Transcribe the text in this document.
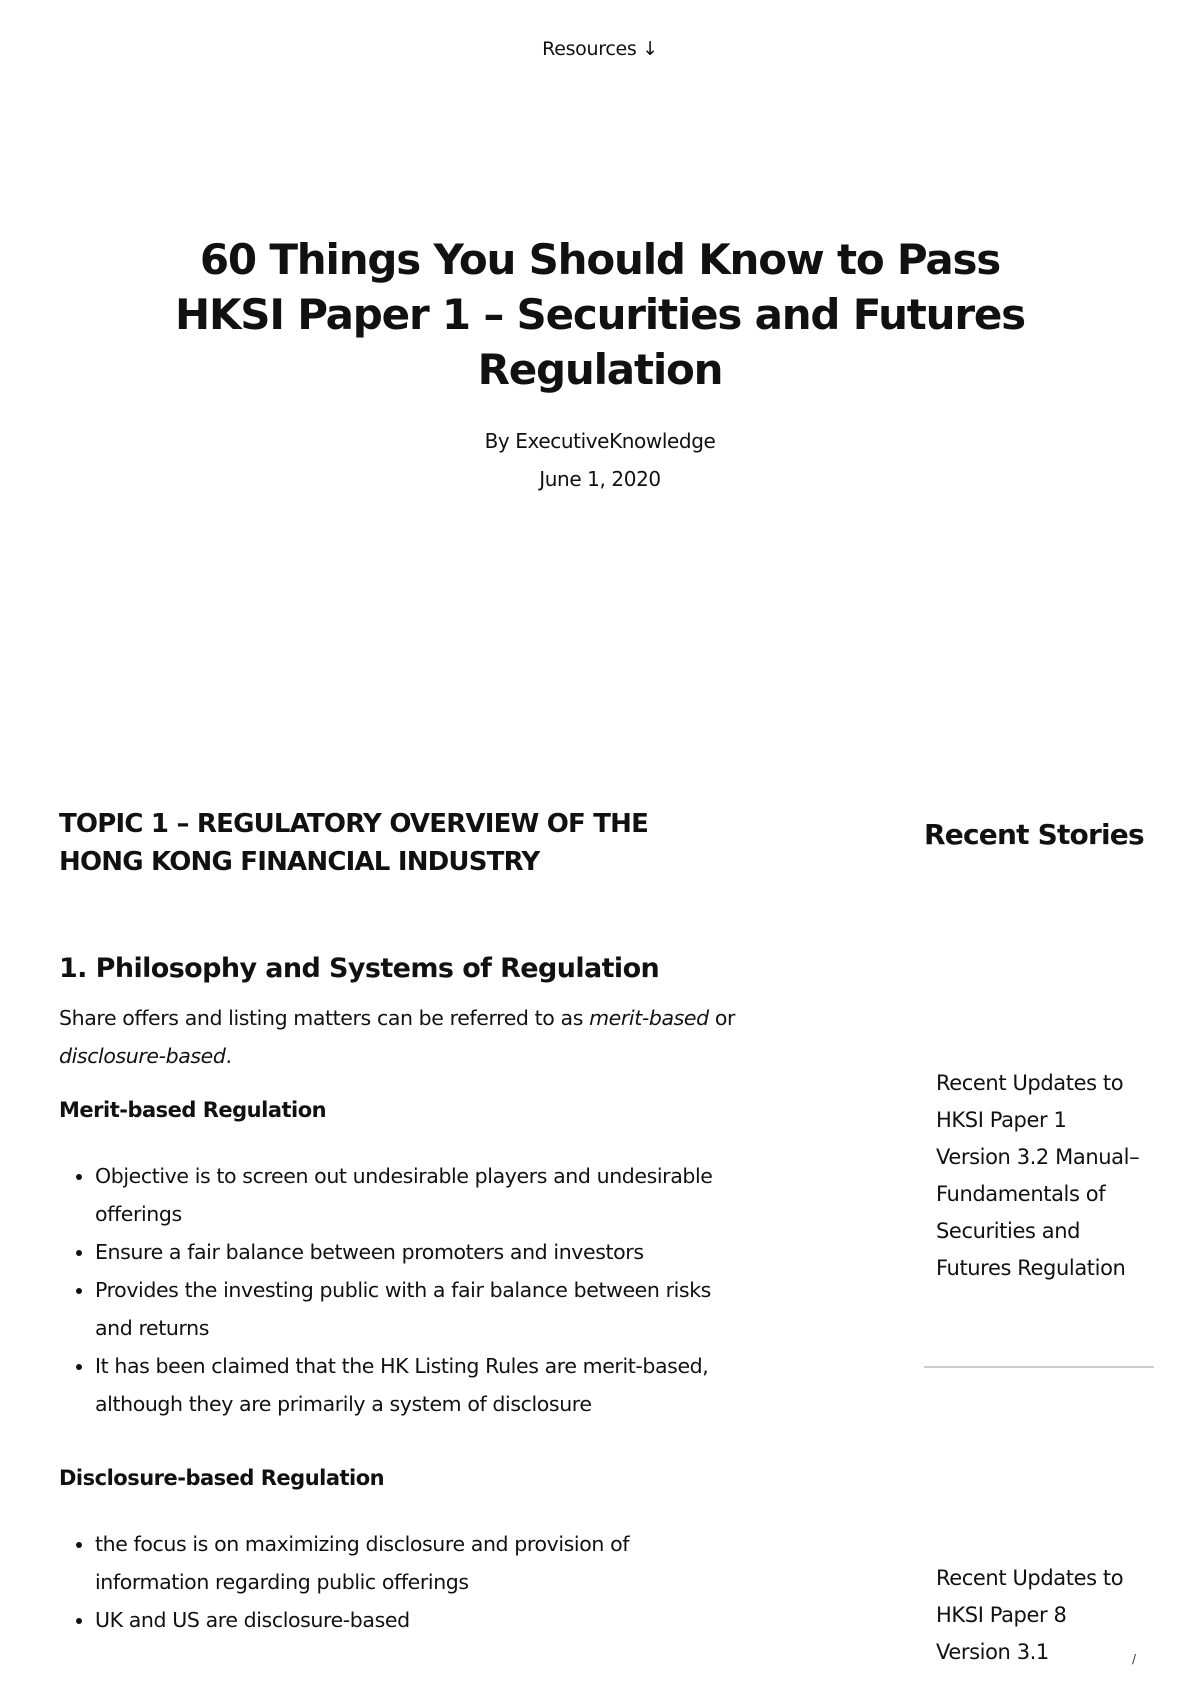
Resources ↓
60 Things You Should Know to Pass HKSI Paper 1 – Securities and Futures Regulation
By ExecutiveKnowledge
June 1, 2020
TOPIC 1 – REGULATORY OVERVIEW OF THE HONG KONG FINANCIAL INDUSTRY
1. Philosophy and Systems of Regulation

Share offers and listing matters can be referred to as merit-based or disclosure-based.

Merit-based Regulation
• Objective is to screen out undesirable players and undesirable offerings
• Ensure a fair balance between promoters and investors
• Provides the investing public with a fair balance between risks and returns
• It has been claimed that the HK Listing Rules are merit-based, although they are primarily a system of disclosure
Disclosure-based Regulation
• the focus is on maximizing disclosure and provision of information regarding public offerings
• UK and US are disclosure-based
Recent Stories
Recent Updates to HKSI Paper 1 Version 3.2 Manual– Fundamentals of Securities and Futures Regulation
Recent Updates to HKSI Paper 8 Version 3.1	/
